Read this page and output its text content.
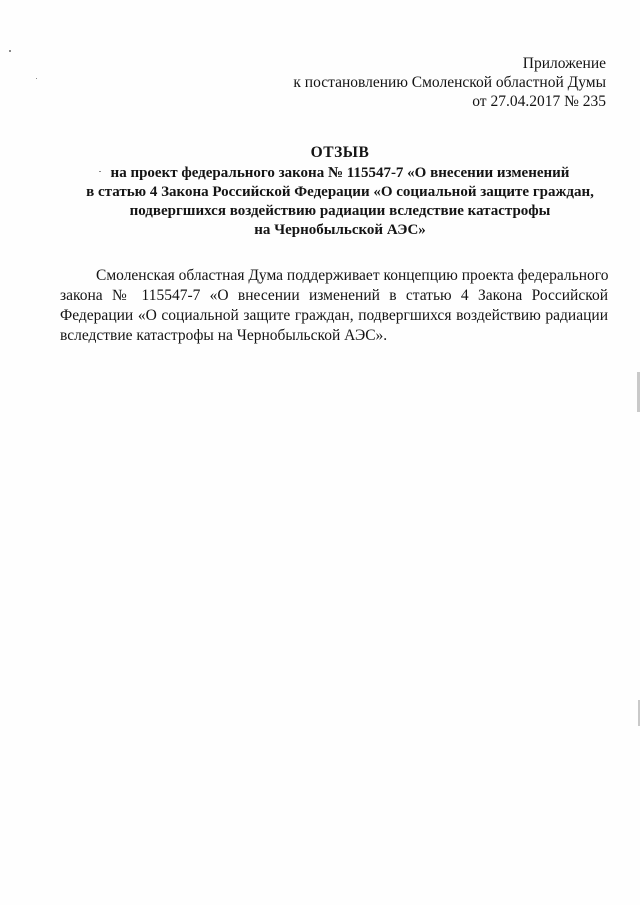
Приложение
к постановлению Смоленской областной Думы
от 27.04.2017 № 235
ОТЗЫВ
на проект федерального закона № 115547-7 «О внесении изменений
в статью 4 Закона Российской Федерации «О социальной защите граждан,
подвергшихся воздействию радиации вследствие катастрофы
на Чернобыльской АЭС»
Смоленская областная Дума поддерживает концепцию проекта федерального
закона № 115547-7 «О внесении изменений в статью 4 Закона Российской
Федерации «О социальной защите граждан, подвергшихся воздействию радиации
вследствие катастрофы на Чернобыльской АЭС».
